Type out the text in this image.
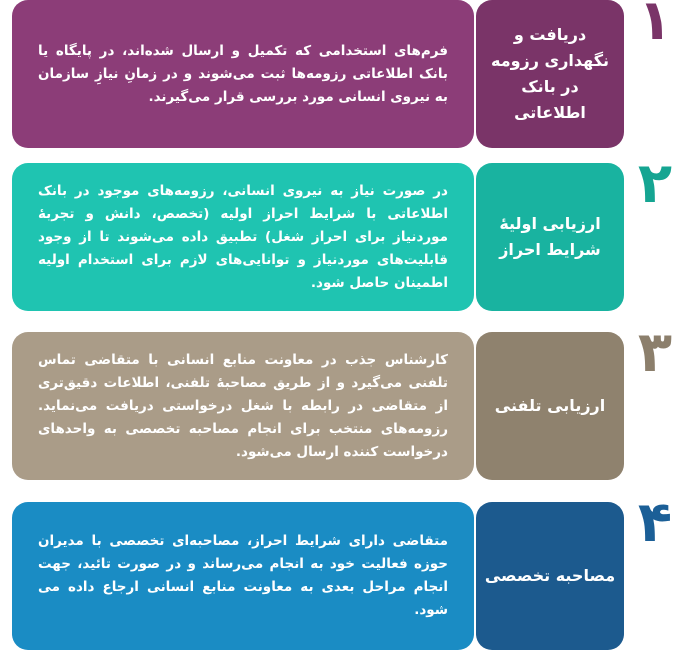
فرم‌های استخدامی که تکمیل و ارسال شده‌اند، در پایگاه یا بانک اطلاعاتی رزومه‌ها ثبت می‌شوند و در زمانِ نیازِ سازمان به نیروی انسانی مورد بررسی قرار می‌گیرند.

دریافت و نگهداری رزومه در بانک اطلاعاتی
۱

در صورت نیاز به نیروی انسانی، رزومه‌های موجود در بانک اطلاعاتی با شرایط احراز اولیه (تخصص، دانش و تجربهٔ موردنیاز برای احراز شغل) تطبیق داده می‌شوند تا از وجود قابلیت‌های موردنیاز و توانایی‌های لازم برای استخدام اولیه اطمینان حاصل شود.

ارزیابی اولیهٔ شرایط احراز
۲

کارشناس جذب در معاونت منابع انسانی با متقاضی تماس تلفنی می‌گیرد و از طریق مصاحبهٔ تلفنی، اطلاعات دقیق‌تری از متقاضی در رابطه با شغل درخواستی دریافت می‌نماید. رزومه‌های منتخب برای انجام مصاحبه تخصصی به واحدهای درخواست کننده ارسال می‌شود.

ارزیابی تلفنی
۳

متقاضی دارای شرایط احراز، مصاحبه‌ای تخصصی با مدیران حوزه فعالیت خود به انجام می‌رساند و در صورت تائید، جهت انجام مراحل بعدی به معاونت منابع انسانی ارجاع داده می شود.

مصاحبه تخصصی
۴
